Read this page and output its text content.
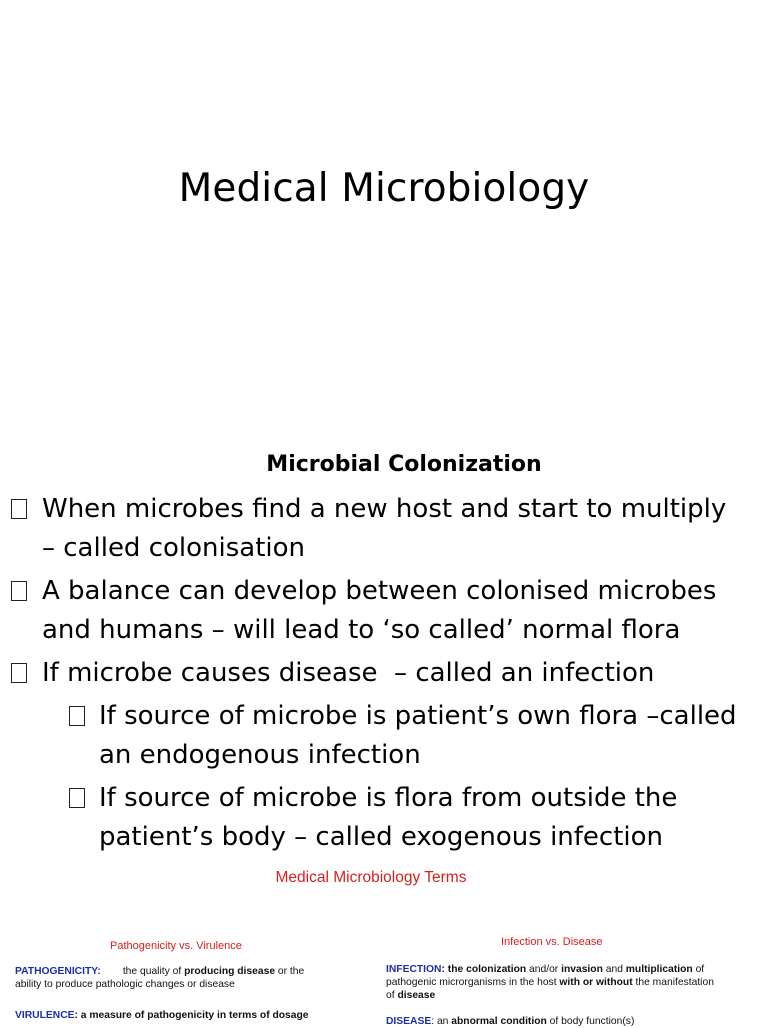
Medical Microbiology
Microbial Colonization
When microbes find a new host and start to multiply
– called colonisation
A balance can develop between colonised microbes
and humans – will lead to ‘so called’ normal flora
If microbe causes disease  – called an infection
If source of microbe is patient’s own flora –called
an endogenous infection
If source of microbe is flora from outside the
patient’s body – called exogenous infection
Medical Microbiology Terms
Pathogenicity vs. Virulence
PATHOGENICITY: the quality of producing disease or the
ability to produce pathologic changes or disease
VIRULENCE: a measure of pathogenicity in terms of dosage
Infection vs. Disease
INFECTION: the colonization and/or invasion and multiplication of
pathogenic microrganisms in the host with or without the manifestation
of disease
DISEASE: an abnormal condition of body function(s)
